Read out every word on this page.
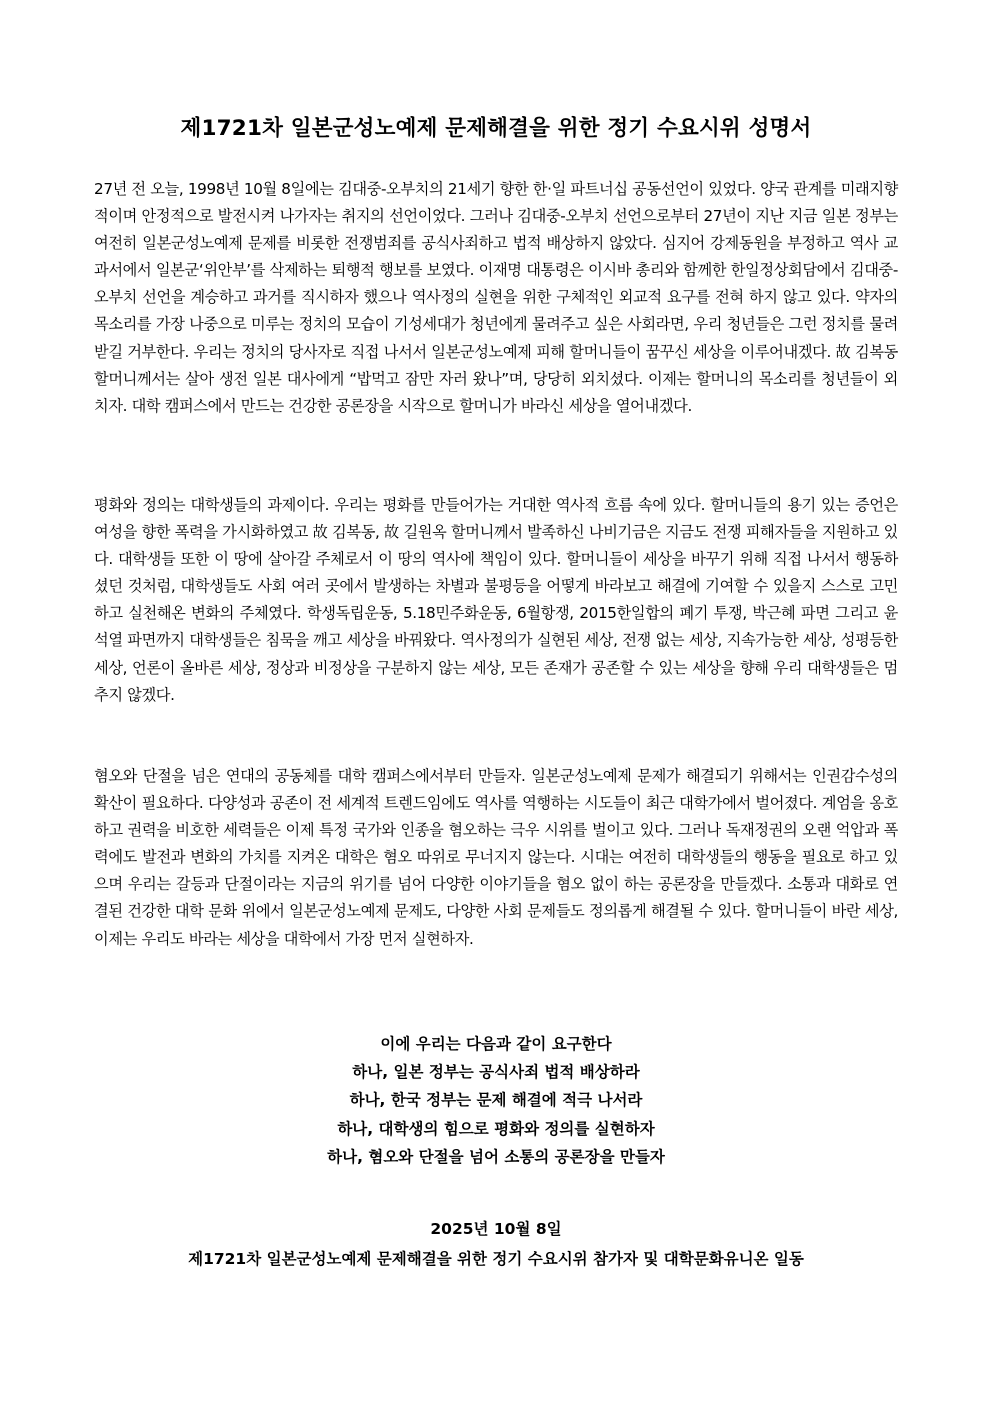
제1721차 일본군성노예제 문제해결을 위한 정기 수요시위 성명서

27년 전 오늘, 1998년 10월 8일에는 김대중-오부치의 21세기 향한 한·일 파트너십 공동선언이 있었다. 양국 관계를 미래지향적이며 안정적으로 발전시켜 나가자는 취지의 선언이었다. 그러나 김대중-오부치 선언으로부터 27년이 지난 지금 일본 정부는 여전히 일본군성노예제 문제를 비롯한 전쟁범죄를 공식사죄하고 법적 배상하지 않았다. 심지어 강제동원을 부정하고 역사 교과서에서 일본군‘위안부’를 삭제하는 퇴행적 행보를 보였다. 이재명 대통령은 이시바 총리와 함께한 한일정상회담에서 김대중-오부치 선언을 계승하고 과거를 직시하자 했으나 역사정의 실현을 위한 구체적인 외교적 요구를 전혀 하지 않고 있다. 약자의 목소리를 가장 나중으로 미루는 정치의 모습이 기성세대가 청년에게 물려주고 싶은 사회라면, 우리 청년들은 그런 정치를 물려받길 거부한다. 우리는 정치의 당사자로 직접 나서서 일본군성노예제 피해 할머니들이 꿈꾸신 세상을 이루어내겠다. 故 김복동 할머니께서는 살아 생전 일본 대사에게 “밥먹고 잠만 자러 왔나”며, 당당히 외치셨다. 이제는 할머니의 목소리를 청년들이 외치자. 대학 캠퍼스에서 만드는 건강한 공론장을 시작으로 할머니가 바라신 세상을 열어내겠다.

평화와 정의는 대학생들의 과제이다. 우리는 평화를 만들어가는 거대한 역사적 흐름 속에 있다. 할머니들의 용기 있는 증언은 여성을 향한 폭력을 가시화하였고 故 김복동, 故 길원옥 할머니께서 발족하신 나비기금은 지금도 전쟁 피해자들을 지원하고 있다. 대학생들 또한 이 땅에 살아갈 주체로서 이 땅의 역사에 책임이 있다. 할머니들이 세상을 바꾸기 위해 직접 나서서 행동하셨던 것처럼, 대학생들도 사회 여러 곳에서 발생하는 차별과 불평등을 어떻게 바라보고 해결에 기여할 수 있을지 스스로 고민하고 실천해온 변화의 주체였다. 학생독립운동, 5.18민주화운동, 6월항쟁, 2015한일합의 폐기 투쟁, 박근혜 파면 그리고 윤석열 파면까지 대학생들은 침묵을 깨고 세상을 바꿔왔다. 역사정의가 실현된 세상, 전쟁 없는 세상, 지속가능한 세상, 성평등한 세상, 언론이 올바른 세상, 정상과 비정상을 구분하지 않는 세상, 모든 존재가 공존할 수 있는 세상을 향해 우리 대학생들은 멈추지 않겠다.

혐오와 단절을 넘은 연대의 공동체를 대학 캠퍼스에서부터 만들자. 일본군성노예제 문제가 해결되기 위해서는 인권감수성의 확산이 필요하다. 다양성과 공존이 전 세계적 트렌드임에도 역사를 역행하는 시도들이 최근 대학가에서 벌어졌다. 계엄을 옹호하고 권력을 비호한 세력들은 이제 특정 국가와 인종을 혐오하는 극우 시위를 벌이고 있다. 그러나 독재정권의 오랜 억압과 폭력에도 발전과 변화의 가치를 지켜온 대학은 혐오 따위로 무너지지 않는다. 시대는 여전히 대학생들의 행동을 필요로 하고 있으며 우리는 갈등과 단절이라는 지금의 위기를 넘어 다양한 이야기들을 혐오 없이 하는 공론장을 만들겠다. 소통과 대화로 연결된 건강한 대학 문화 위에서 일본군성노예제 문제도, 다양한 사회 문제들도 정의롭게 해결될 수 있다. 할머니들이 바란 세상, 이제는 우리도 바라는 세상을 대학에서 가장 먼저 실현하자.

이에 우리는 다음과 같이 요구한다
하나, 일본 정부는 공식사죄 법적 배상하라
하나, 한국 정부는 문제 해결에 적극 나서라
하나, 대학생의 힘으로 평화와 정의를 실현하자
하나, 혐오와 단절을 넘어 소통의 공론장을 만들자
2025년 10월 8일
제1721차 일본군성노예제 문제해결을 위한 정기 수요시위 참가자 및 대학문화유니온 일동
